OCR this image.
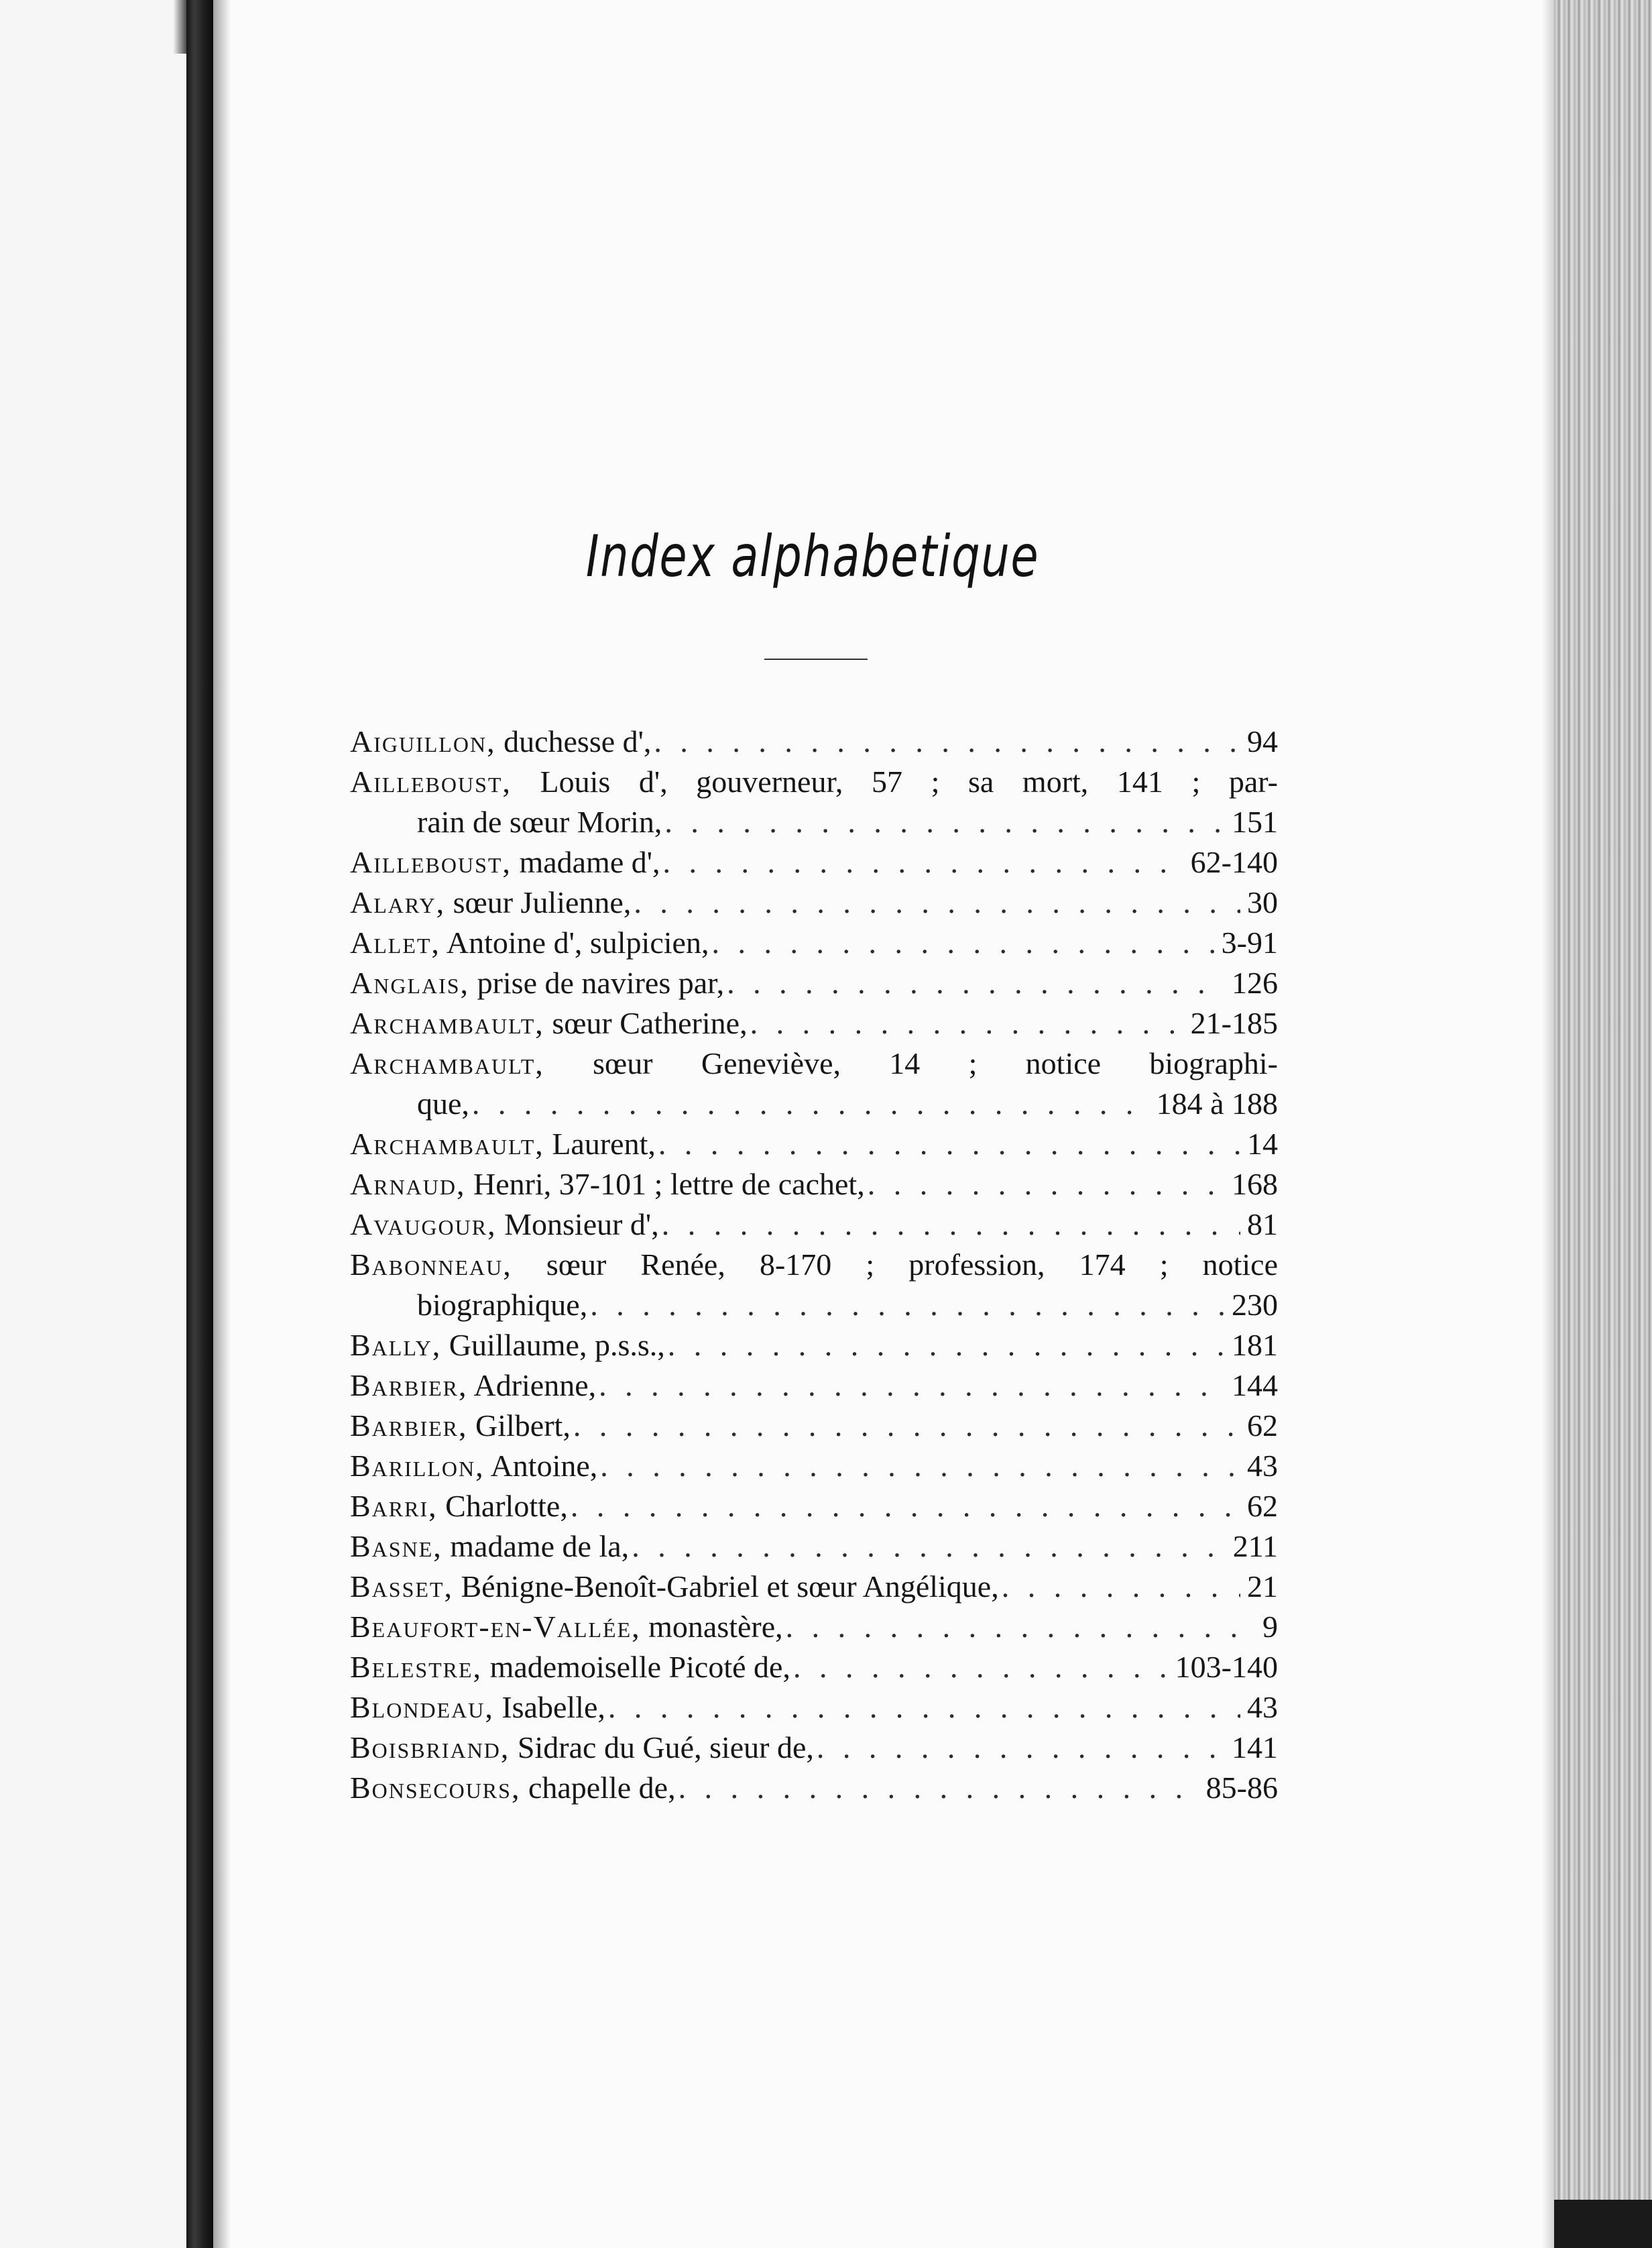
Index alphabetique
Aiguillon, duchesse d', . . .	94
Ailleboust, Louis d', gouverneur, 57 ; sa mort, 141 ; par-
rain de sœur Morin, . . .	151
Ailleboust, madame d', . . .	62-140
Alary, sœur Julienne, . . .	30
Allet, Antoine d', sulpicien, . . .	3-91
Anglais, prise de navires par, . . .	126
Archambault, sœur Catherine, . . .	21-185
Archambault, sœur Geneviève, 14 ; notice biographi-
que, . . .	184 à 188
Archambault, Laurent, . . .	14
Arnaud, Henri, 37-101 ; lettre de cachet, . . .	168
Avaugour, Monsieur d', . . .	81
Babonneau, sœur Renée, 8-170 ; profession, 174 ; notice
biographique, . . .	230
Bally, Guillaume, p.s.s., . . .	181
Barbier, Adrienne, . . .	144
Barbier, Gilbert, . . .	62
Barillon, Antoine, . . .	43
Barri, Charlotte, . . .	62
Basne, madame de la, . . .	211
Basset, Bénigne-Benoît-Gabriel et sœur Angélique, . . .	21
Beaufort-en-Vallée, monastère, . . .	9
Belestre, mademoiselle Picoté de, . . .	103-140
Blondeau, Isabelle, . . .	43
Boisbriand, Sidrac du Gué, sieur de, . . .	141
Bonsecours, chapelle de, . . .	85-86
